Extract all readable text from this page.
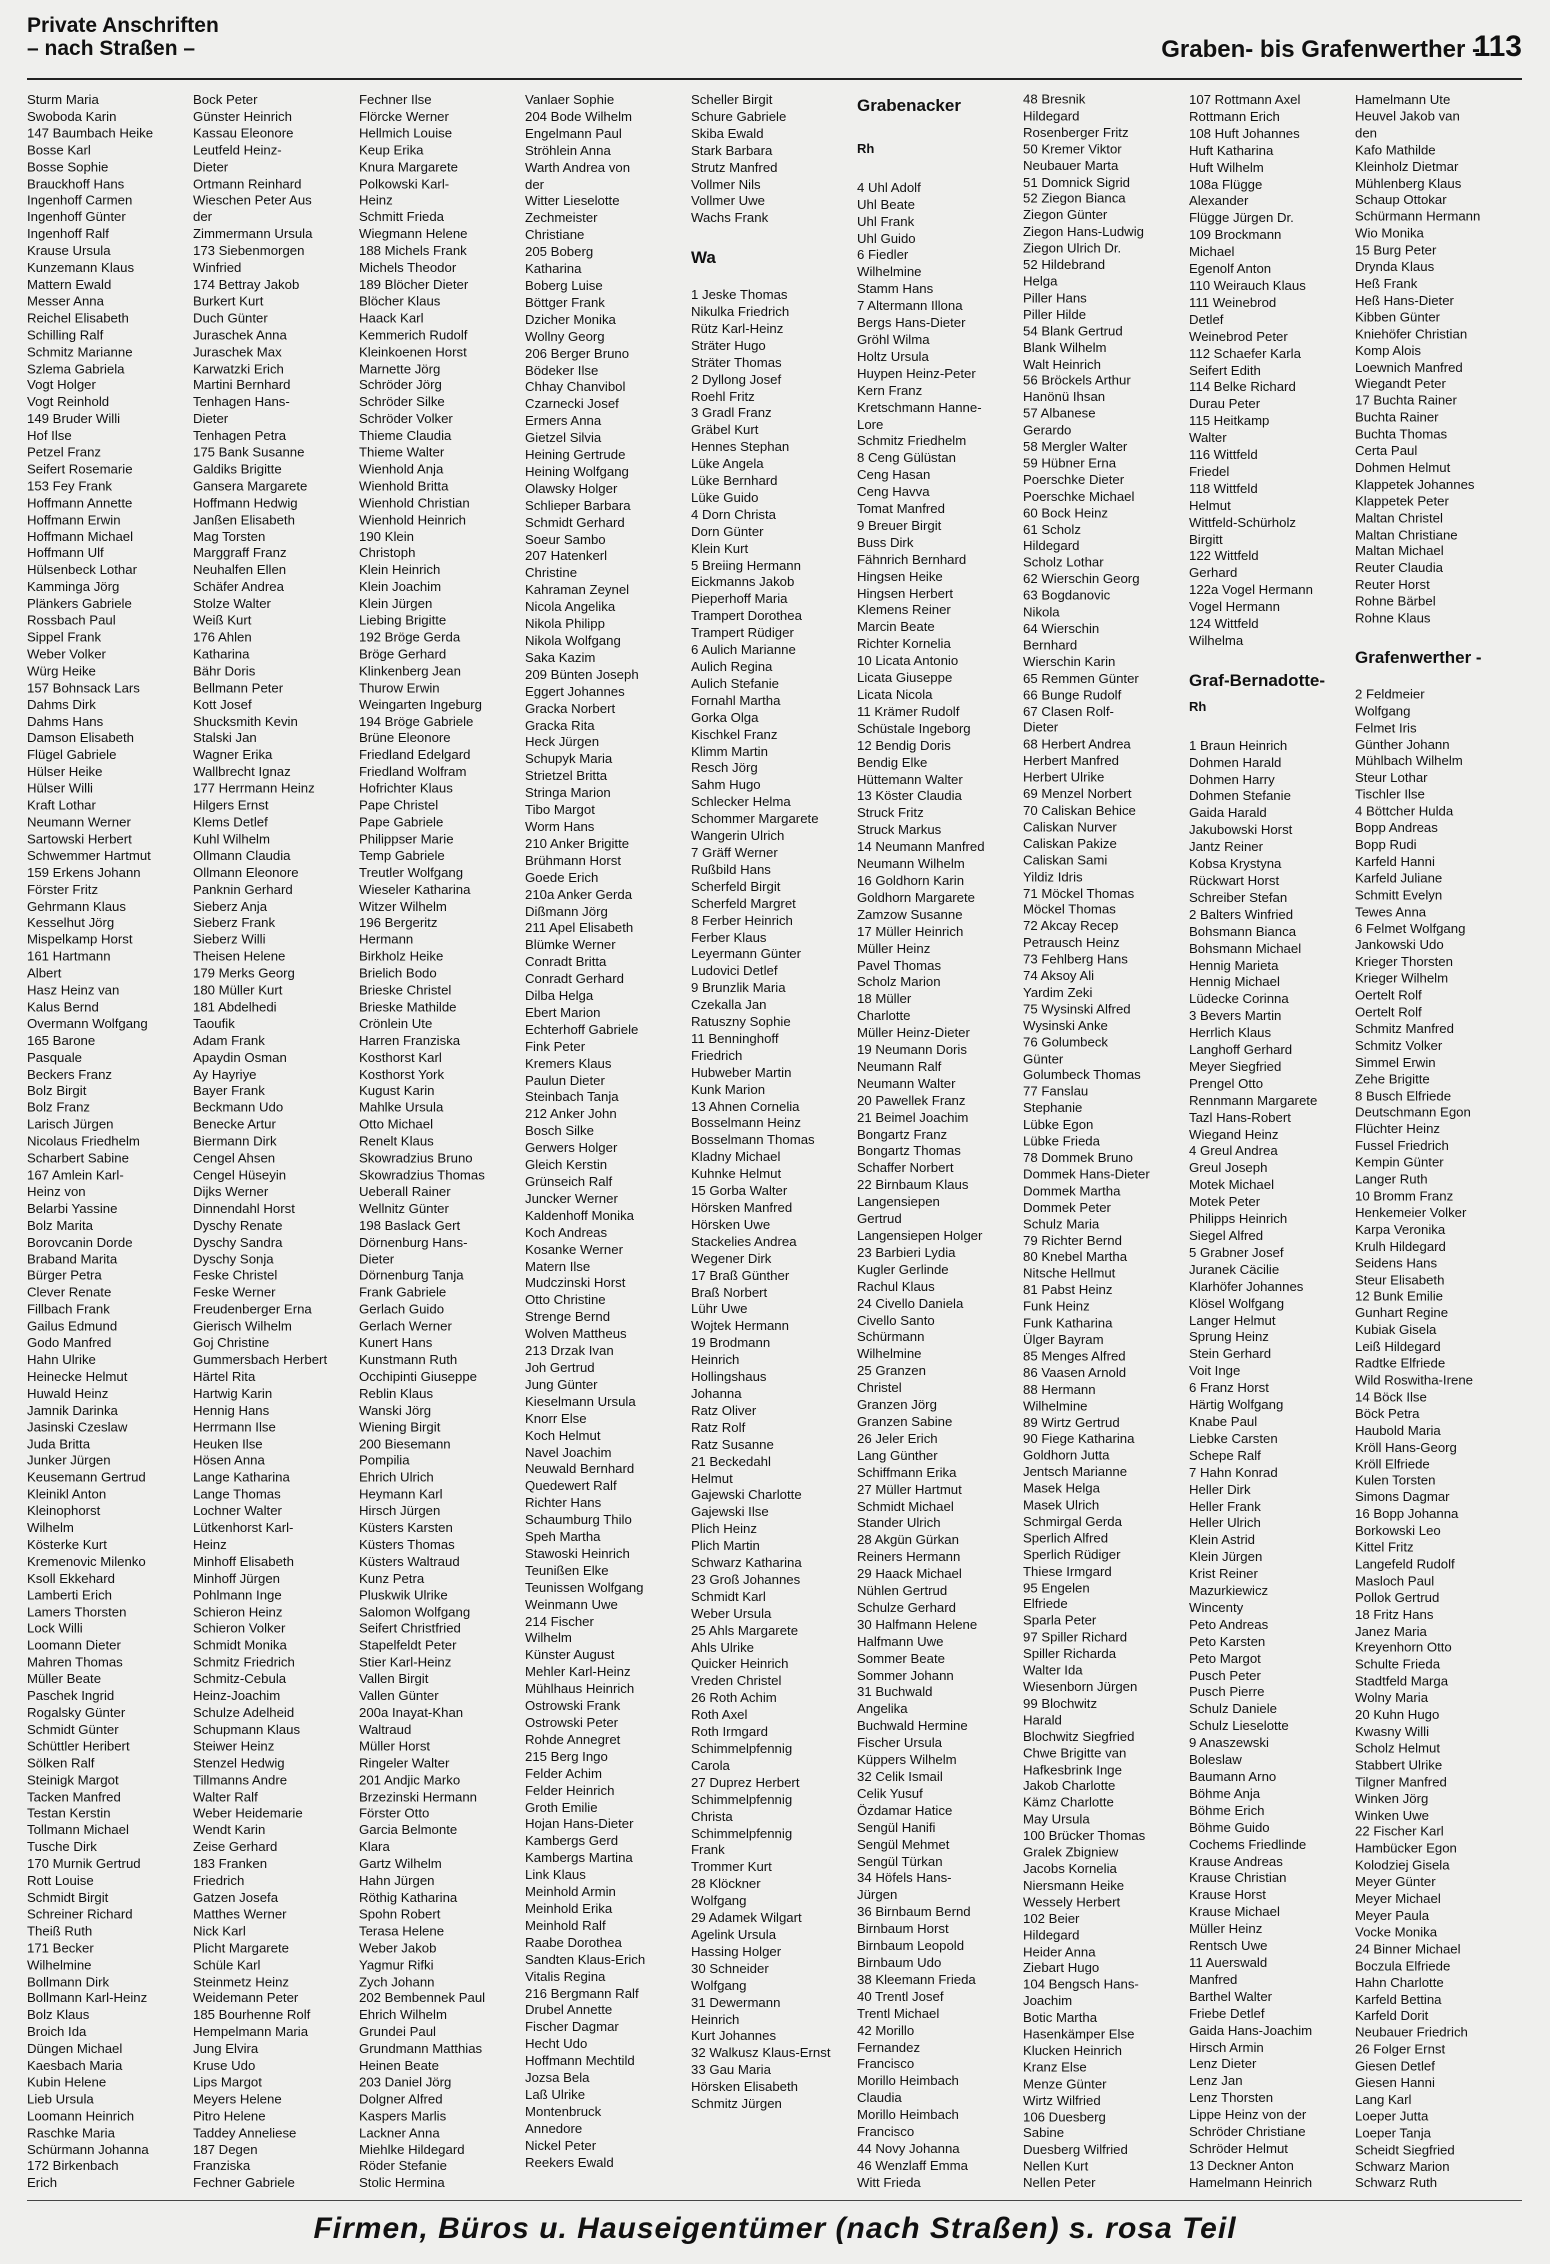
Private Anschriften
– nach Straßen –	Graben- bis Grafenwerther -
113
Sturm Maria
Swoboda Karin
147 Baumbach Heike
Bosse Karl
Bosse Sophie
Brauckhoff Hans
Ingenhoff Carmen
Ingenhoff Günter
Ingenhoff Ralf
Krause Ursula
Kunzemann Klaus
Mattern Ewald
Messer Anna
Reichel Elisabeth
Schilling Ralf
Schmitz Marianne
Szlema Gabriela
Vogt Holger
Vogt Reinhold
149 Bruder Willi
Hof Ilse
Petzel Franz
Seifert Rosemarie
153 Fey Frank
Hoffmann Annette
Hoffmann Erwin
Hoffmann Michael
Hoffmann Ulf
Hülsenbeck Lothar
Kamminga Jörg
Plänkers Gabriele
Rossbach Paul
Sippel Frank
Weber Volker
Würg Heike
157 Bohnsack Lars
Dahms Dirk
Dahms Hans
Damson Elisabeth
Flügel Gabriele
Hülser Heike
Hülser Willi
Kraft Lothar
Neumann Werner
Sartowski Herbert
Schwemmer Hartmut
159 Erkens Johann
Förster Fritz
Gehrmann Klaus
Kesselhut Jörg
Mispelkamp Horst
161 Hartmann
Albert
Hasz Heinz van
Kalus Bernd
Overmann Wolfgang
165 Barone
Pasquale
Beckers Franz
Bolz Birgit
Bolz Franz
Larisch Jürgen
Nicolaus Friedhelm
Scharbert Sabine
167 Amlein Karl-
Heinz von
Belarbi Yassine
Bolz Marita
Borovcanin Dorde
Braband Marita
Bürger Petra
Clever Renate
Fillbach Frank
Gailus Edmund
Godo Manfred
Hahn Ulrike
Heinecke Helmut
Huwald Heinz
Jamnik Darinka
Jasinski Czeslaw
Juda Britta
Junker Jürgen
Keusemann Gertrud
Kleinikl Anton
Kleinophorst
Wilhelm
Kösterke Kurt
Kremenovic Milenko
Ksoll Ekkehard
Lamberti Erich
Lamers Thorsten
Lock Willi
Loomann Dieter
Mahren Thomas
Müller Beate
Paschek Ingrid
Rogalsky Günter
Schmidt Günter
Schüttler Heribert
Sölken Ralf
Steinigk Margot
Tacken Manfred
Testan Kerstin
Tollmann Michael
Tusche Dirk
170 Murnik Gertrud
Rott Louise
Schmidt Birgit
Schreiner Richard
Theiß Ruth
171 Becker
Wilhelmine
Bollmann Dirk
Bollmann Karl-Heinz
Bolz Klaus
Broich Ida
Düngen Michael
Kaesbach Maria
Kubin Helene
Lieb Ursula
Loomann Heinrich
Raschke Maria
Schürmann Johanna
172 Birkenbach
Erich
Bock Peter
Günster Heinrich
Kassau Eleonore
Leutfeld Heinz-
Dieter
Ortmann Reinhard
Wieschen Peter Aus
der
Zimmermann Ursula
173 Siebenmorgen
Winfried
174 Bettray Jakob
Burkert Kurt
Duch Günter
Juraschek Anna
Juraschek Max
Karwatzki Erich
Martini Bernhard
Tenhagen Hans-
Dieter
Tenhagen Petra
175 Bank Susanne
Galdiks Brigitte
Gansera Margarete
Hoffmann Hedwig
Janßen Elisabeth
Mag Torsten
Marggraff Franz
Neuhalfen Ellen
Schäfer Andrea
Stolze Walter
Weiß Kurt
176 Ahlen
Katharina
Bähr Doris
Bellmann Peter
Kott Josef
Shucksmith Kevin
Stalski Jan
Wagner Erika
Wallbrecht Ignaz
177 Herrmann Heinz
Hilgers Ernst
Klems Detlef
Kuhl Wilhelm
Ollmann Claudia
Ollmann Eleonore
Panknin Gerhard
Sieberz Anja
Sieberz Frank
Sieberz Willi
Theisen Helene
179 Merks Georg
180 Müller Kurt
181 Abdelhedi
Taoufik
Adam Frank
Apaydin Osman
Ay Hayriye
Bayer Frank
Beckmann Udo
Benecke Artur
Biermann Dirk
Cengel Ahsen
Cengel Hüseyin
Dijks Werner
Dinnendahl Horst
Dyschy Renate
Dyschy Sandra
Dyschy Sonja
Feske Christel
Feske Werner
Freudenberger Erna
Gierisch Wilhelm
Goj Christine
Gummersbach Herbert
Härtel Rita
Hartwig Karin
Hennig Hans
Herrmann Ilse
Heuken Ilse
Hösen Anna
Lange Katharina
Lange Thomas
Lochner Walter
Lütkenhorst Karl-
Heinz
Minhoff Elisabeth
Minhoff Jürgen
Pohlmann Inge
Schieron Heinz
Schieron Volker
Schmidt Monika
Schmitz Friedrich
Schmitz-Cebula
Heinz-Joachim
Schulze Adelheid
Schupmann Klaus
Steiwer Heinz
Stenzel Hedwig
Tillmanns Andre
Walter Ralf
Weber Heidemarie
Wendt Karin
Zeise Gerhard
183 Franken
Friedrich
Gatzen Josefa
Matthes Werner
Nick Karl
Plicht Margarete
Schüle Karl
Steinmetz Heinz
Weidemann Peter
185 Bourhenne Rolf
Hempelmann Maria
Jung Elvira
Kruse Udo
Lips Margot
Meyers Helene
Pitro Helene
Taddey Anneliese
187 Degen
Franziska
Fechner Gabriele
Fechner Ilse
Flörcke Werner
Hellmich Louise
Keup Erika
Knura Margarete
Polkowski Karl-
Heinz
Schmitt Frieda
Wiegmann Helene
188 Michels Frank
Michels Theodor
189 Blöcher Dieter
Blöcher Klaus
Haack Karl
Kemmerich Rudolf
Kleinkoenen Horst
Marnette Jörg
Schröder Jörg
Schröder Silke
Schröder Volker
Thieme Claudia
Thieme Walter
Wienhold Anja
Wienhold Britta
Wienhold Christian
Wienhold Heinrich
190 Klein
Christoph
Klein Heinrich
Klein Joachim
Klein Jürgen
Liebing Brigitte
192 Bröge Gerda
Bröge Gerhard
Klinkenberg Jean
Thurow Erwin
Weingarten Ingeburg
194 Bröge Gabriele
Brüne Eleonore
Friedland Edelgard
Friedland Wolfram
Hofrichter Klaus
Pape Christel
Pape Gabriele
Philippser Marie
Temp Gabriele
Treutler Wolfgang
Wieseler Katharina
Witzer Wilhelm
196 Bergeritz
Hermann
Birkholz Heike
Brielich Bodo
Brieske Christel
Brieske Mathilde
Crönlein Ute
Harren Franziska
Kosthorst Karl
Kosthorst York
Kugust Karin
Mahlke Ursula
Otto Michael
Renelt Klaus
Skowradzius Bruno
Skowradzius Thomas
Ueberall Rainer
Wellnitz Günter
198 Baslack Gert
Dörnenburg Hans-
Dieter
Dörnenburg Tanja
Frank Gabriele
Gerlach Guido
Gerlach Werner
Kunert Hans
Kunstmann Ruth
Occhipinti Giuseppe
Reblin Klaus
Wanski Jörg
Wiening Birgit
200 Biesemann
Pompilia
Ehrich Ulrich
Heymann Karl
Hirsch Jürgen
Küsters Karsten
Küsters Thomas
Küsters Waltraud
Kunz Petra
Pluskwik Ulrike
Salomon Wolfgang
Seifert Christfried
Stapelfeldt Peter
Stier Karl-Heinz
Vallen Birgit
Vallen Günter
200a Inayat-Khan
Waltraud
Müller Horst
Ringeler Walter
201 Andjic Marko
Brzezinski Hermann
Förster Otto
Garcia Belmonte
Klara
Gartz Wilhelm
Hahn Jürgen
Röthig Katharina
Spohn Robert
Terasa Helene
Weber Jakob
Yagmur Rifki
Zych Johann
202 Bembennek Paul
Ehrich Wilhelm
Grundei Paul
Grundmann Matthias
Heinen Beate
203 Daniel Jörg
Dolgner Alfred
Kaspers Marlis
Lackner Anna
Miehlke Hildegard
Röder Stefanie
Stolic Hermina
Vanlaer Sophie
204 Bode Wilhelm
Engelmann Paul
Ströhlein Anna
Warth Andrea von
der
Witter Lieselotte
Zechmeister
Christiane
205 Boberg
Katharina
Boberg Luise
Böttger Frank
Dzicher Monika
Wollny Georg
206 Berger Bruno
Bödeker Ilse
Chhay Chanvibol
Czarnecki Josef
Ermers Anna
Gietzel Silvia
Heining Gertrude
Heining Wolfgang
Olawsky Holger
Schlieper Barbara
Schmidt Gerhard
Soeur Sambo
207 Hatenkerl
Christine
Kahraman Zeynel
Nicola Angelika
Nikola Philipp
Nikola Wolfgang
Saka Kazim
209 Bünten Joseph
Eggert Johannes
Gracka Norbert
Gracka Rita
Heck Jürgen
Schupyk Maria
Strietzel Britta
Stringa Marion
Tibo Margot
Worm Hans
210 Anker Brigitte
Brühmann Horst
Goede Erich
210a Anker Gerda
Dißmann Jörg
211 Apel Elisabeth
Blümke Werner
Conradt Britta
Conradt Gerhard
Dilba Helga
Ebert Marion
Echterhoff Gabriele
Fink Peter
Kremers Klaus
Paulun Dieter
Steinbach Tanja
212 Anker John
Bosch Silke
Gerwers Holger
Gleich Kerstin
Grünseich Ralf
Juncker Werner
Kaldenhoff Monika
Koch Andreas
Kosanke Werner
Matern Ilse
Mudczinski Horst
Otto Christine
Strenge Bernd
Wolven Mattheus
213 Drzak Ivan
Joh Gertrud
Jung Günter
Kieselmann Ursula
Knorr Else
Koch Helmut
Navel Joachim
Neuwald Bernhard
Quedewert Ralf
Richter Hans
Schaumburg Thilo
Speh Martha
Stawoski Heinrich
Teunißen Elke
Teunissen Wolfgang
Weinmann Uwe
214 Fischer
Wilhelm
Künster August
Mehler Karl-Heinz
Mühlhaus Heinrich
Ostrowski Frank
Ostrowski Peter
Rohde Annegret
215 Berg Ingo
Felder Achim
Felder Heinrich
Groth Emilie
Hojan Hans-Dieter
Kambergs Gerd
Kambergs Martina
Link Klaus
Meinhold Armin
Meinhold Erika
Meinhold Ralf
Raabe Dorothea
Sandten Klaus-Erich
Vitalis Regina
216 Bergmann Ralf
Drubel Annette
Fischer Dagmar
Hecht Udo
Hoffmann Mechtild
Jozsa Bela
Laß Ulrike
Montenbruck
Annedore
Nickel Peter
Reekers Ewald
Scheller Birgit
Schure Gabriele
Skiba Ewald
Stark Barbara
Strutz Manfred
Vollmer Nils
Vollmer Uwe
Wachs Frank

Wa

1 Jeske Thomas
Nikulka Friedrich
Rütz Karl-Heinz
Sträter Hugo
Sträter Thomas
2 Dyllong Josef
Roehl Fritz
3 Gradl Franz
Gräbel Kurt
Hennes Stephan
Lüke Angela
Lüke Bernhard
Lüke Guido
4 Dorn Christa
Dorn Günter
Klein Kurt
5 Breiing Hermann
Eickmanns Jakob
Pieperhoff Maria
Trampert Dorothea
Trampert Rüdiger
6 Aulich Marianne
Aulich Regina
Aulich Stefanie
Fornahl Martha
Gorka Olga
Kischkel Franz
Klimm Martin
Resch Jörg
Sahm Hugo
Schlecker Helma
Schommer Margarete
Wangerin Ulrich
7 Gräff Werner
Rußbild Hans
Scherfeld Birgit
Scherfeld Margret
8 Ferber Heinrich
Ferber Klaus
Leyermann Günter
Ludovici Detlef
9 Brunzlik Maria
Czekalla Jan
Ratuszny Sophie
11 Benninghoff
Friedrich
Hubweber Martin
Kunk Marion
13 Ahnen Cornelia
Bosselmann Heinz
Bosselmann Thomas
Kladny Michael
Kuhnke Helmut
15 Gorba Walter
Hörsken Manfred
Hörsken Uwe
Stackelies Andrea
Wegener Dirk
17 Braß Günther
Braß Norbert
Lühr Uwe
Wojtek Hermann
19 Brodmann
Heinrich
Hollingshaus
Johanna
Ratz Oliver
Ratz Rolf
Ratz Susanne
21 Beckedahl
Helmut
Gajewski Charlotte
Gajewski Ilse
Plich Heinz
Plich Martin
Schwarz Katharina
23 Groß Johannes
Schmidt Karl
Weber Ursula
25 Ahls Margarete
Ahls Ulrike
Quicker Heinrich
Vreden Christel
26 Roth Achim
Roth Axel
Roth Irmgard
Schimmelpfennig
Carola
27 Duprez Herbert
Schimmelpfennig
Christa
Schimmelpfennig
Frank
Trommer Kurt
28 Klöckner
Wolfgang
29 Adamek Wilgart
Agelink Ursula
Hassing Holger
30 Schneider
Wolfgang
31 Dewermann
Heinrich
Kurt Johannes
32 Walkusz Klaus-Ernst
33 Gau Maria
Hörsken Elisabeth
Schmitz Jürgen
Grabenacker

Rh

4 Uhl Adolf
Uhl Beate
Uhl Frank
Uhl Guido
6 Fiedler
Wilhelmine
Stamm Hans
7 Altermann Illona
Bergs Hans-Dieter
Gröhl Wilma
Holtz Ursula
Huypen Heinz-Peter
Kern Franz
Kretschmann Hanne-
Lore
Schmitz Friedhelm
8 Ceng Gülüstan
Ceng Hasan
Ceng Havva
Tomat Manfred
9 Breuer Birgit
Buss Dirk
Fähnrich Bernhard
Hingsen Heike
Hingsen Herbert
Klemens Reiner
Marcin Beate
Richter Kornelia
10 Licata Antonio
Licata Giuseppe
Licata Nicola
11 Krämer Rudolf
Schüstale Ingeborg
12 Bendig Doris
Bendig Elke
Hüttemann Walter
13 Köster Claudia
Struck Fritz
Struck Markus
14 Neumann Manfred
Neumann Wilhelm
16 Goldhorn Karin
Goldhorn Margarete
Zamzow Susanne
17 Müller Heinrich
Müller Heinz
Pavel Thomas
Scholz Marion
18 Müller
Charlotte
Müller Heinz-Dieter
19 Neumann Doris
Neumann Ralf
Neumann Walter
20 Pawellek Franz
21 Beimel Joachim
Bongartz Franz
Bongartz Thomas
Schaffer Norbert
22 Birnbaum Klaus
Langensiepen
Gertrud
Langensiepen Holger
23 Barbieri Lydia
Kugler Gerlinde
Rachul Klaus
24 Civello Daniela
Civello Santo
Schürmann
Wilhelmine
25 Granzen
Christel
Granzen Jörg
Granzen Sabine
26 Jeler Erich
Lang Günther
Schiffmann Erika
27 Müller Hartmut
Schmidt Michael
Stander Ulrich
28 Akgün Gürkan
Reiners Hermann
29 Haack Michael
Nühlen Gertrud
Schulze Gerhard
30 Halfmann Helene
Halfmann Uwe
Sommer Beate
Sommer Johann
31 Buchwald
Angelika
Buchwald Hermine
Fischer Ursula
Küppers Wilhelm
32 Celik Ismail
Celik Yusuf
Özdamar Hatice
Sengül Hanifi
Sengül Mehmet
Sengül Türkan
34 Höfels Hans-
Jürgen
36 Birnbaum Bernd
Birnbaum Horst
Birnbaum Leopold
Birnbaum Udo
38 Kleemann Frieda
40 Trentl Josef
Trentl Michael
42 Morillo
Fernandez
Francisco
Morillo Heimbach
Claudia
Morillo Heimbach
Francisco
44 Novy Johanna
46 Wenzlaff Emma
Witt Frieda
48 Bresnik
Hildegard
Rosenberger Fritz
50 Kremer Viktor
Neubauer Marta
51 Domnick Sigrid
52 Ziegon Bianca
Ziegon Günter
Ziegon Hans-Ludwig
Ziegon Ulrich Dr.
52 Hildebrand
Helga
Piller Hans
Piller Hilde
54 Blank Gertrud
Blank Wilhelm
Walt Heinrich
56 Bröckels Arthur
Hanönü Ihsan
57 Albanese
Gerardo
58 Mergler Walter
59 Hübner Erna
Poerschke Dieter
Poerschke Michael
60 Bock Heinz
61 Scholz
Hildegard
Scholz Lothar
62 Wierschin Georg
63 Bogdanovic
Nikola
64 Wierschin
Bernhard
Wierschin Karin
65 Remmen Günter
66 Bunge Rudolf
67 Clasen Rolf-
Dieter
68 Herbert Andrea
Herbert Manfred
Herbert Ulrike
69 Menzel Norbert
70 Caliskan Behice
Caliskan Nurver
Caliskan Pakize
Caliskan Sami
Yildiz Idris
71 Möckel Thomas
Möckel Thomas
72 Akcay Recep
Petrausch Heinz
73 Fehlberg Hans
74 Aksoy Ali
Yardim Zeki
75 Wysinski Alfred
Wysinski Anke
76 Golumbeck
Günter
Golumbeck Thomas
77 Fanslau
Stephanie
Lübke Egon
Lübke Frieda
78 Dommek Bruno
Dommek Hans-Dieter
Dommek Martha
Dommek Peter
Schulz Maria
79 Richter Bernd
80 Knebel Martha
Nitsche Hellmut
81 Pabst Heinz
Funk Heinz
Funk Katharina
Ülger Bayram
85 Menges Alfred
86 Vaasen Arnold
88 Hermann
Wilhelmine
89 Wirtz Gertrud
90 Fiege Katharina
Goldhorn Jutta
Jentsch Marianne
Masek Helga
Masek Ulrich
Schmirgal Gerda
Sperlich Alfred
Sperlich Rüdiger
Thiese Irmgard
95 Engelen
Elfriede
Sparla Peter
97 Spiller Richard
Spiller Richarda
Walter Ida
Wiesenborn Jürgen
99 Blochwitz
Harald
Blochwitz Siegfried
Chwe Brigitte van
Hafkesbrink Inge
Jakob Charlotte
Kämz Charlotte
May Ursula
100 Brücker Thomas
Gralek Zbigniew
Jacobs Kornelia
Niersmann Heike
Wessely Herbert
102 Beier
Hildegard
Heider Anna
Ziebart Hugo
104 Bengsch Hans-
Joachim
Botic Martha
Hasenkämper Else
Klucken Heinrich
Kranz Else
Menze Günter
Wirtz Wilfried
106 Duesberg
Sabine
Duesberg Wilfried
Nellen Kurt
Nellen Peter
107 Rottmann Axel
Rottmann Erich
108 Huft Johannes
Huft Katharina
Huft Wilhelm
108a Flügge
Alexander
Flügge Jürgen Dr.
109 Brockmann
Michael
Egenolf Anton
110 Weirauch Klaus
111 Weinebrod
Detlef
Weinebrod Peter
112 Schaefer Karla
Seifert Edith
114 Belke Richard
Durau Peter
115 Heitkamp
Walter
116 Wittfeld
Friedel
118 Wittfeld
Helmut
Wittfeld-Schürholz
Birgitt
122 Wittfeld
Gerhard
122a Vogel Hermann
Vogel Hermann
124 Wittfeld
Wilhelma

Graf-Bernadotte-
Rh

1 Braun Heinrich
Dohmen Harald
Dohmen Harry
Dohmen Stefanie
Gaida Harald
Jakubowski Horst
Jantz Reiner
Kobsa Krystyna
Rückwart Horst
Schreiber Stefan
2 Balters Winfried
Bohsmann Bianca
Bohsmann Michael
Hennig Marieta
Hennig Michael
Lüdecke Corinna
3 Bevers Martin
Herrlich Klaus
Langhoff Gerhard
Meyer Siegfried
Prengel Otto
Rennmann Margarete
Tazl Hans-Robert
Wiegand Heinz
4 Greul Andrea
Greul Joseph
Motek Michael
Motek Peter
Philipps Heinrich
Siegel Alfred
5 Grabner Josef
Juranek Cäcilie
Klarhöfer Johannes
Klösel Wolfgang
Langer Helmut
Sprung Heinz
Stein Gerhard
Voit Inge
6 Franz Horst
Härtig Wolfgang
Knabe Paul
Liebke Carsten
Schepe Ralf
7 Hahn Konrad
Heller Dirk
Heller Frank
Heller Ulrich
Klein Astrid
Klein Jürgen
Krist Reiner
Mazurkiewicz
Wincenty
Peto Andreas
Peto Karsten
Peto Margot
Pusch Peter
Pusch Pierre
Schulz Daniele
Schulz Lieselotte
9 Anaszewski
Boleslaw
Baumann Arno
Böhme Anja
Böhme Erich
Böhme Guido
Cochems Friedlinde
Krause Andreas
Krause Christian
Krause Horst
Krause Michael
Müller Heinz
Rentsch Uwe
11 Auerswald
Manfred
Barthel Walter
Friebe Detlef
Gaida Hans-Joachim
Hirsch Armin
Lenz Dieter
Lenz Jan
Lenz Thorsten
Lippe Heinz von der
Schröder Christiane
Schröder Helmut
13 Deckner Anton
Hamelmann Heinrich
Hamelmann Ute
Heuvel Jakob van
den
Kafo Mathilde
Kleinholz Dietmar
Mühlenberg Klaus
Schaup Ottokar
Schürmann Hermann
Wio Monika
15 Burg Peter
Drynda Klaus
Heß Frank
Heß Hans-Dieter
Kibben Günter
Kniehöfer Christian
Komp Alois
Loewnich Manfred
Wiegandt Peter
17 Buchta Rainer
Buchta Rainer
Buchta Thomas
Certa Paul
Dohmen Helmut
Klappetek Johannes
Klappetek Peter
Maltan Christel
Maltan Christiane
Maltan Michael
Reuter Claudia
Reuter Horst
Rohne Bärbel
Rohne Klaus

Grafenwerther -

2 Feldmeier
Wolfgang
Felmet Iris
Günther Johann
Mühlbach Wilhelm
Steur Lothar
Tischler Ilse
4 Böttcher Hulda
Bopp Andreas
Bopp Rudi
Karfeld Hanni
Karfeld Juliane
Schmitt Evelyn
Tewes Anna
6 Felmet Wolfgang
Jankowski Udo
Krieger Thorsten
Krieger Wilhelm
Oertelt Rolf
Oertelt Rolf
Schmitz Manfred
Schmitz Volker
Simmel Erwin
Zehe Brigitte
8 Busch Elfriede
Deutschmann Egon
Flüchter Heinz
Fussel Friedrich
Kempin Günter
Langer Ruth
10 Bromm Franz
Henkemeier Volker
Karpa Veronika
Krulh Hildegard
Seidens Hans
Steur Elisabeth
12 Bunk Emilie
Gunhart Regine
Kubiak Gisela
Leiß Hildegard
Radtke Elfriede
Wild Roswitha-Irene
14 Böck Ilse
Böck Petra
Haubold Maria
Kröll Hans-Georg
Kröll Elfriede
Kulen Torsten
Simons Dagmar
16 Bopp Johanna
Borkowski Leo
Kittel Fritz
Langefeld Rudolf
Masloch Paul
Pollok Gertrud
18 Fritz Hans
Janez Maria
Kreyenhorn Otto
Schulte Frieda
Stadtfeld Marga
Wolny Maria
20 Kuhn Hugo
Kwasny Willi
Scholz Helmut
Stabbert Ulrike
Tilgner Manfred
Winken Jörg
Winken Uwe
22 Fischer Karl
Hambücker Egon
Kolodziej Gisela
Meyer Günter
Meyer Michael
Meyer Paula
Vocke Monika
24 Binner Michael
Boczula Elfriede
Hahn Charlotte
Karfeld Bettina
Karfeld Dorit
Neubauer Friedrich
26 Folger Ernst
Giesen Detlef
Giesen Hanni
Lang Karl
Loeper Jutta
Loeper Tanja
Scheidt Siegfried
Schwarz Marion
Schwarz Ruth
Firmen, Büros u. Hauseigentümer (nach Straßen) s. rosa Teil
